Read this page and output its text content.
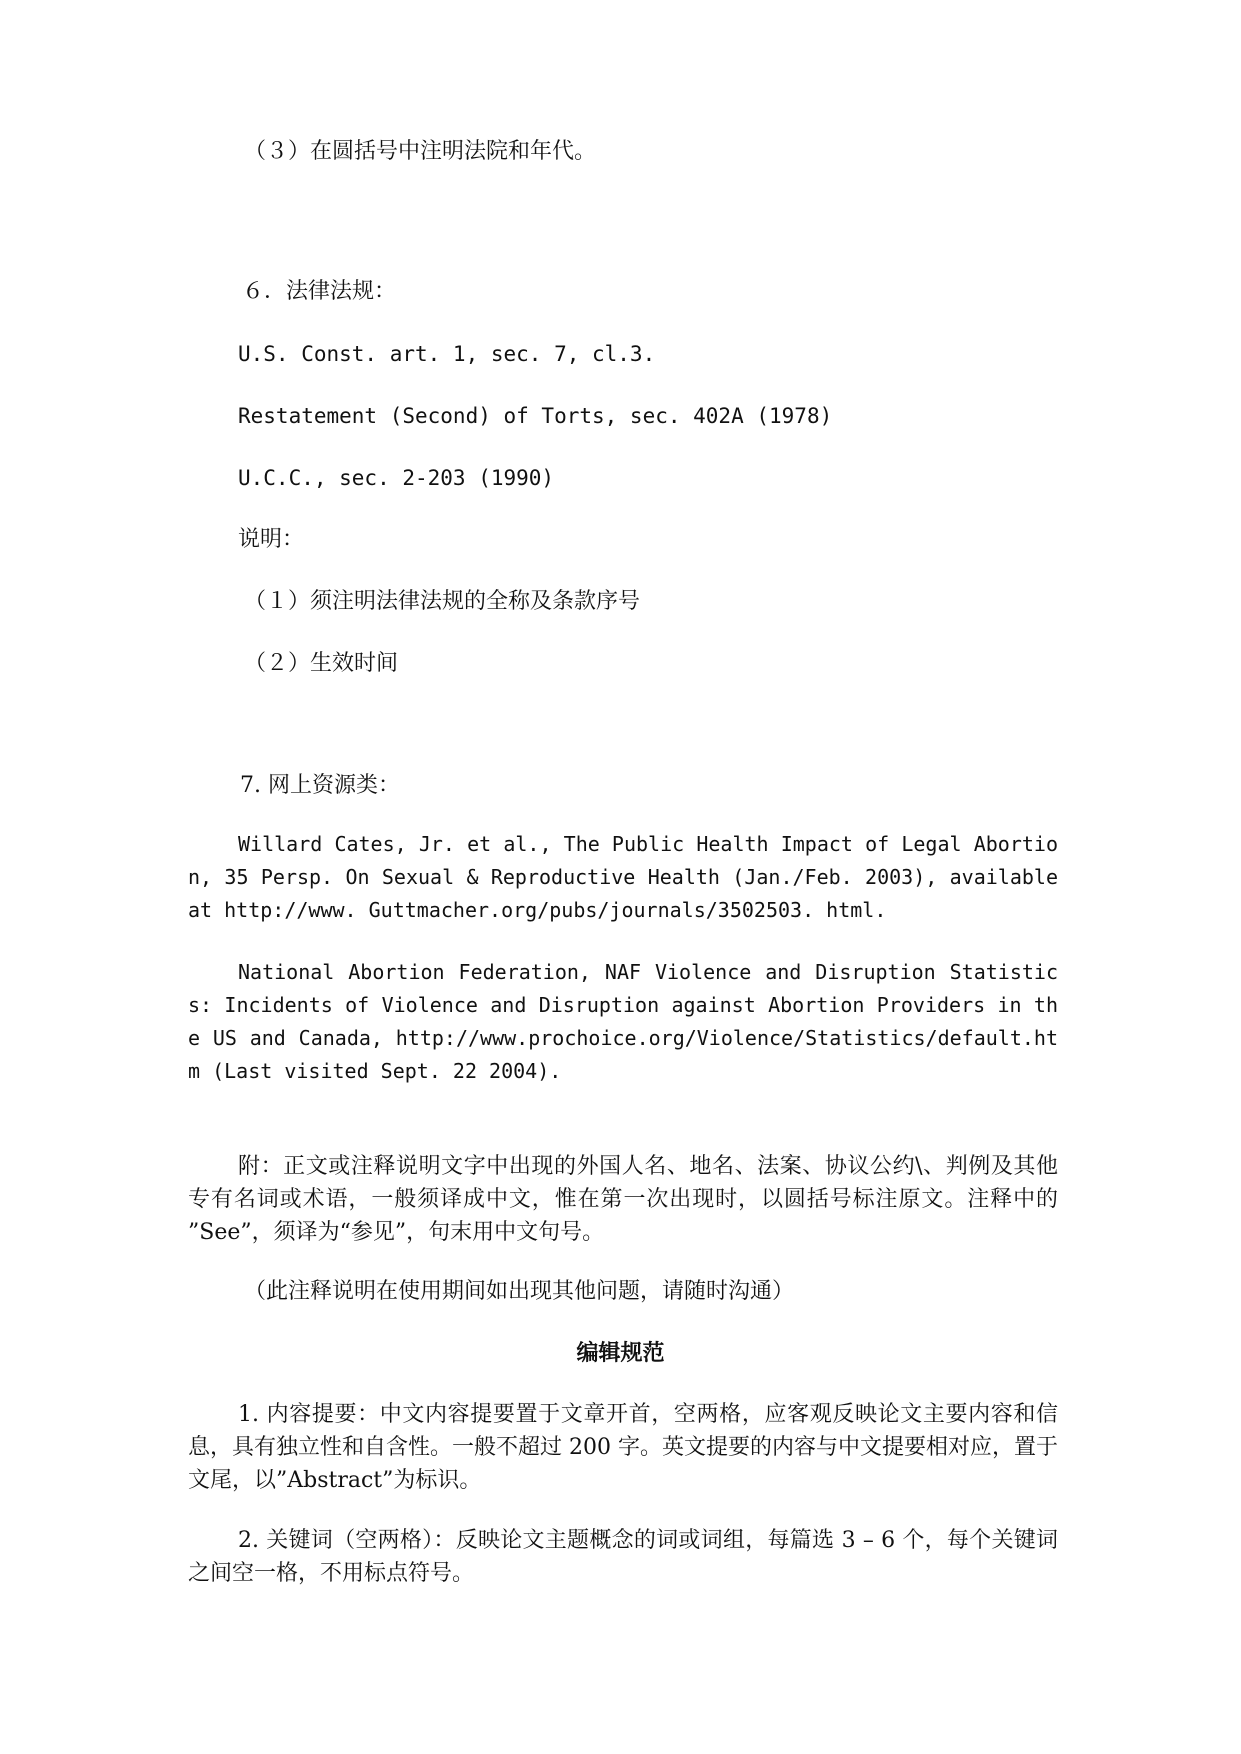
（３）在圆括号中注明法院和年代。
６．法律法规：
U.S. Const. art. 1, sec. 7, cl.3.
Restatement (Second) of Torts, sec. 402A (1978)
U.C.C., sec. 2-203 (1990)
说明：
（１）须注明法律法规的全称及条款序号
（２）生效时间
7. 网上资源类：
Willard Cates, Jr. et al., The Public Health Impact of Legal Abortion, 35 Persp. On Sexual & Reproductive Health (Jan./Feb. 2003), available at http://www. Guttmacher.org/pubs/journals/3502503. html.
National Abortion Federation, NAF Violence and Disruption Statistics: Incidents of Violence and Disruption against Abortion Providers in the US and Canada, http://www.prochoice.org/Violence/Statistics/default.htm (Last visited Sept. 22 2004).
附：正文或注释说明文字中出现的外国人名、地名、法案、协议公约\、判例及其他专有名词或术语，一般须译成中文，惟在第一次出现时，以圆括号标注原文。注释中的 ”See”，须译为“参见”，句末用中文句号。
（此注释说明在使用期间如出现其他问题，请随时沟通）
编辑规范
1. 内容提要：中文内容提要置于文章开首，空两格，应客观反映论文主要内容和信息，具有独立性和自含性。一般不超过 200 字。英文提要的内容与中文提要相对应，置于文尾，以”Abstract”为标识。
2. 关键词（空两格）：反映论文主题概念的词或词组，每篇选 3 – 6 个，每个关键词之间空一格，不用标点符号。
